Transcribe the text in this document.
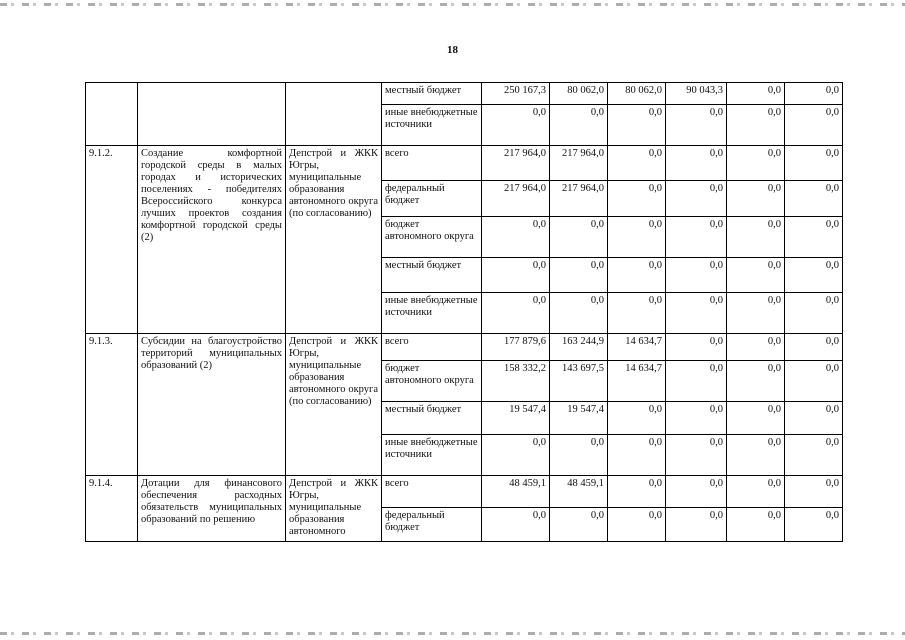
18
			местный бюджет	250 167,3	80 062,0	80 062,0	90 043,3	0,0	0,0
			иные внебюджетные источники	0,0	0,0	0,0	0,0	0,0	0,0
9.1.2.	Создание комфортной городской среды в малых городах и исторических поселениях - победителях Всероссийского конкурса лучших проектов создания комфортной городской среды (2)	Депстрой и ЖКК Югры, муниципальные образования автономного округа (по согласованию)	всего	217 964,0	217 964,0	0,0	0,0	0,0	0,0
			федеральный бюджет	217 964,0	217 964,0	0,0	0,0	0,0	0,0
			бюджет автономного округа	0,0	0,0	0,0	0,0	0,0	0,0
			местный бюджет	0,0	0,0	0,0	0,0	0,0	0,0
			иные внебюджетные источники	0,0	0,0	0,0	0,0	0,0	0,0
9.1.3.	Субсидии на благоустройство территорий муниципальных образований (2)	Депстрой и ЖКК Югры, муниципальные образования автономного округа (по согласованию)	всего	177 879,6	163 244,9	14 634,7	0,0	0,0	0,0
			бюджет автономного округа	158 332,2	143 697,5	14 634,7	0,0	0,0	0,0
			местный бюджет	19 547,4	19 547,4	0,0	0,0	0,0	0,0
			иные внебюджетные источники	0,0	0,0	0,0	0,0	0,0	0,0
9.1.4.	Дотации для финансового обеспечения расходных обязательств муниципальных образований по решению	Депстрой и ЖКК Югры, муниципальные образования автономного	всего	48 459,1	48 459,1	0,0	0,0	0,0	0,0
			федеральный бюджет	0,0	0,0	0,0	0,0	0,0	0,0
